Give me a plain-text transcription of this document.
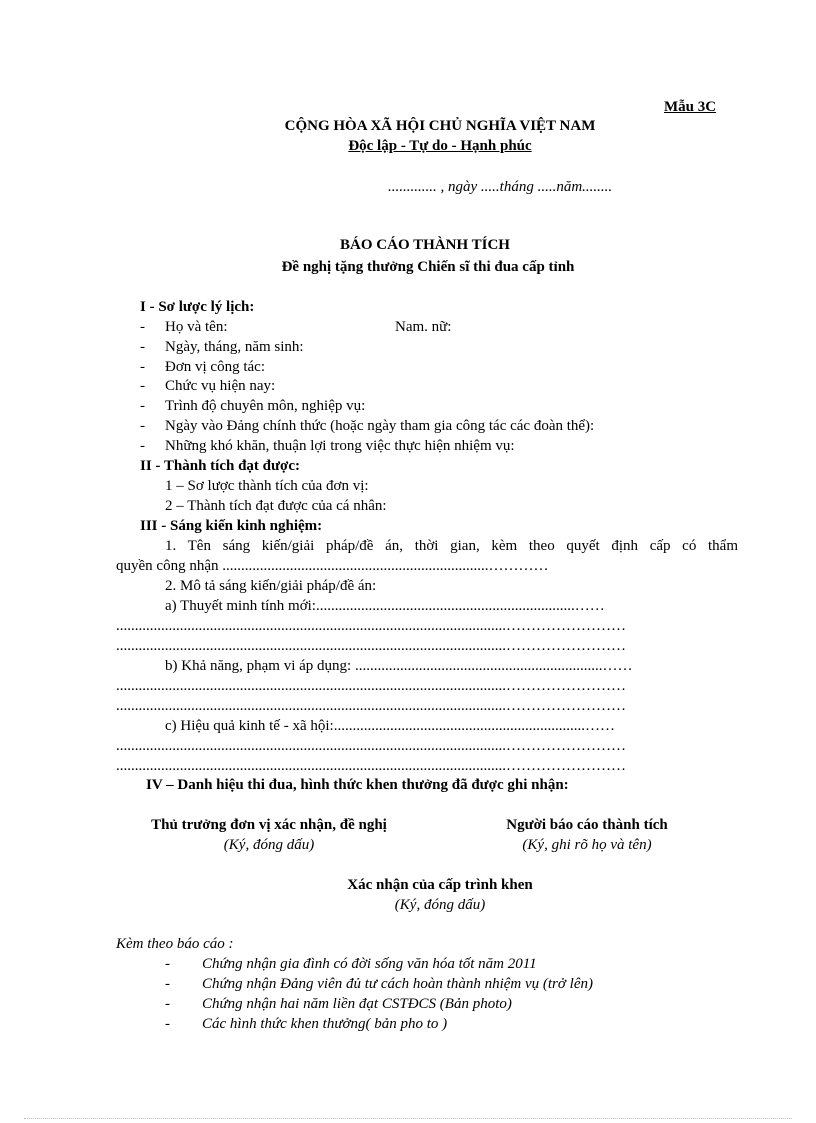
Mẫu 3C
CỘNG HÒA XÃ HỘI CHỦ NGHĨA VIỆT NAM
Độc lập - Tự do - Hạnh phúc
............. , ngày .....tháng .....năm........
BÁO CÁO THÀNH TÍCH
Đề nghị tặng thưởng Chiến sĩ thi đua cấp tỉnh
I - Sơ lược lý lịch:
- Họ và tên:	Nam. nữ:
- Ngày, tháng, năm sinh:
- Đơn vị công tác:
- Chức vụ hiện nay:
- Trình độ chuyên môn, nghiệp vụ:
- Ngày vào Đảng chính thức (hoặc ngày tham gia công tác các đoàn thể):
- Những khó khăn, thuận lợi trong việc thực hiện nhiệm vụ:
II - Thành tích đạt được:
1 – Sơ lược thành tích của đơn vị:
2 – Thành tích đạt được của cá nhân:
III - Sáng kiến kinh nghiệm:
1. Tên sáng kiến/giải pháp/đề án, thời gian, kèm theo quyết định cấp có thẩm
quyền công nhận .......................................................................…………
2. Mô tả sáng kiến/giải pháp/đề án:
a) Thuyết minh tính mới:.....................................................................……
........................................................................................................……………………
........................................................................................................……………………
b) Khả năng, phạm vi áp dụng: ..................................................................……
........................................................................................................……………………
........................................................................................................……………………
c) Hiệu quả kinh tế - xã hội:...................................................................……
........................................................................................................……………………
........................................................................................................……………………
IV – Danh hiệu thi đua, hình thức khen thưởng đã được ghi nhận:
Thủ trưởng đơn vị xác nhận, đề nghị
(Ký, đóng dấu)
Người báo cáo thành tích
(Ký, ghi rõ họ và tên)
Xác nhận của cấp trình khen
(Ký, đóng dấu)
Kèm theo báo cáo :
- Chứng nhận gia đình có đời sống văn hóa tốt năm 2011
- Chứng nhận Đảng viên đủ tư cách hoàn thành nhiệm vụ (trở lên)
- Chứng nhận hai năm liền đạt CSTĐCS (Bản photo)
- Các hình thức khen thưởng( bản pho to )
